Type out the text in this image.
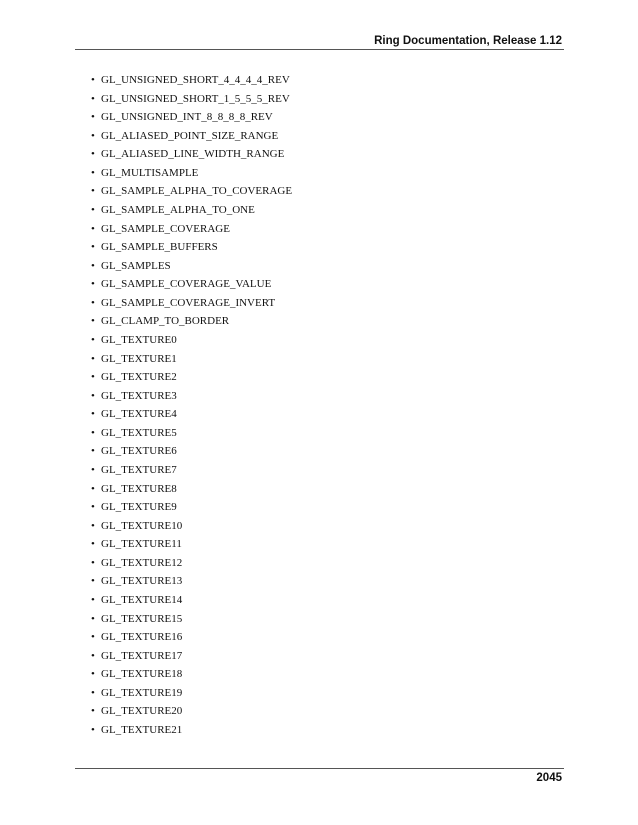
Ring Documentation, Release 1.12
• GL_UNSIGNED_SHORT_4_4_4_4_REV
• GL_UNSIGNED_SHORT_1_5_5_5_REV
• GL_UNSIGNED_INT_8_8_8_8_REV
• GL_ALIASED_POINT_SIZE_RANGE
• GL_ALIASED_LINE_WIDTH_RANGE
• GL_MULTISAMPLE
• GL_SAMPLE_ALPHA_TO_COVERAGE
• GL_SAMPLE_ALPHA_TO_ONE
• GL_SAMPLE_COVERAGE
• GL_SAMPLE_BUFFERS
• GL_SAMPLES
• GL_SAMPLE_COVERAGE_VALUE
• GL_SAMPLE_COVERAGE_INVERT
• GL_CLAMP_TO_BORDER
• GL_TEXTURE0
• GL_TEXTURE1
• GL_TEXTURE2
• GL_TEXTURE3
• GL_TEXTURE4
• GL_TEXTURE5
• GL_TEXTURE6
• GL_TEXTURE7
• GL_TEXTURE8
• GL_TEXTURE9
• GL_TEXTURE10
• GL_TEXTURE11
• GL_TEXTURE12
• GL_TEXTURE13
• GL_TEXTURE14
• GL_TEXTURE15
• GL_TEXTURE16
• GL_TEXTURE17
• GL_TEXTURE18
• GL_TEXTURE19
• GL_TEXTURE20
• GL_TEXTURE21
2045
